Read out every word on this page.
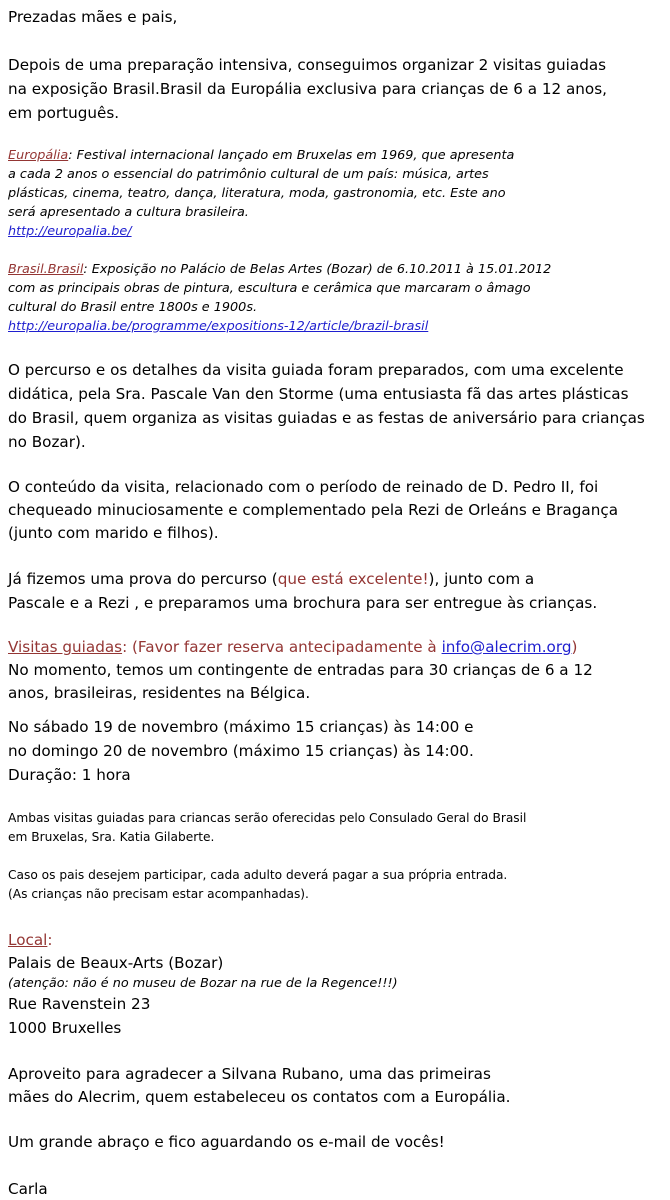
Prezadas mães e pais,
Depois de uma preparação intensiva, conseguimos organizar 2 visitas guiadas
na exposição Brasil.Brasil da Europália exclusiva para crianças de 6 a 12 anos,
em português.
Europália: Festival internacional lançado em Bruxelas em 1969, que apresenta
a cada 2 anos o essencial do patrimônio cultural de um país: música, artes
plásticas, cinema, teatro, dança, literatura, moda, gastronomia, etc. Este ano
será apresentado a cultura brasileira.
http://europalia.be/
Brasil.Brasil: Exposição no Palácio de Belas Artes (Bozar) de 6.10.2011 à 15.01.2012
com as principais obras de pintura, escultura e cerâmica que marcaram o âmago
cultural do Brasil entre 1800s e 1900s.
http://europalia.be/programme/expositions-12/article/brazil-brasil
O percurso e os detalhes da visita guiada foram preparados, com uma excelente
didática, pela Sra. Pascale Van den Storme (uma entusiasta fã das artes plásticas
do Brasil, quem organiza as visitas guiadas e as festas de aniversário para crianças
no Bozar).
O conteúdo da visita, relacionado com o período de reinado de D. Pedro II, foi
chequeado minuciosamente e complementado pela Rezi de Orleáns e Bragança
(junto com marido e filhos).
Já fizemos uma prova do percurso (que está excelente!), junto com a
Pascale e a Rezi , e preparamos uma brochura para ser entregue às crianças.
Visitas guiadas: (Favor fazer reserva antecipadamente à info@alecrim.org)
No momento, temos um contingente de entradas para 30 crianças de 6 a 12
anos, brasileiras, residentes na Bélgica.
No sábado 19 de novembro (máximo 15 crianças) às 14:00 e
no domingo 20 de novembro (máximo 15 crianças) às 14:00.
Duração: 1 hora
Ambas visitas guiadas para criancas serão oferecidas pelo Consulado Geral do Brasil
em Bruxelas, Sra. Katia Gilaberte.
Caso os pais desejem participar, cada adulto deverá pagar a sua própria entrada.
(As crianças não precisam estar acompanhadas).
Local:
Palais de Beaux-Arts (Bozar)
(atenção: não é no museu de Bozar na rue de la Regence!!!)
Rue Ravenstein 23
1000 Bruxelles
Aproveito para agradecer a Silvana Rubano, uma das primeiras
mães do Alecrim, quem estabeleceu os contatos com a Europália.
Um grande abraço e fico aguardando os e-mail de vocês!
Carla
